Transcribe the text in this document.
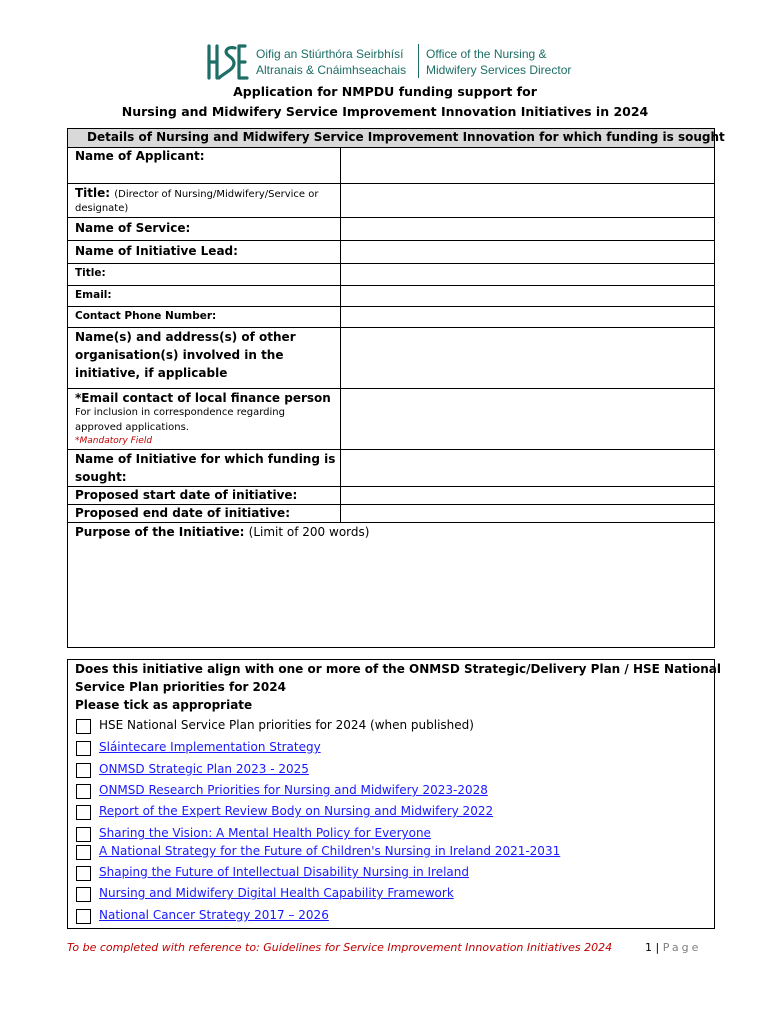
Oifig an Stiúrthóra Seirbhísí
Altranais & Cnáimhseachais
Office of the Nursing &
Midwifery Services Director
Application for NMPDU funding support for
Nursing and Midwifery Service Improvement Innovation Initiatives in 2024
Details of Nursing and Midwifery Service Improvement Innovation for which funding is sought
Name of Applicant:
Title: (Director of Nursing/Midwifery/Service or
designate)
Name of Service:
Name of Initiative Lead:
Title:
Email:
Contact Phone Number:
Name(s) and address(s) of other
organisation(s) involved in the
initiative, if applicable
*Email contact of local finance person
For inclusion in correspondence regarding
approved applications.
*Mandatory Field
Name of Initiative for which funding is
sought:
Proposed start date of initiative:
Proposed end date of initiative:
Purpose of the Initiative: (Limit of 200 words)
Does this initiative align with one or more of the ONMSD Strategic/Delivery Plan / HSE National
Service Plan priorities for 2024
Please tick as appropriate
HSE National Service Plan priorities for 2024 (when published)
Sláintecare Implementation Strategy
ONMSD Strategic Plan 2023 - 2025
ONMSD Research Priorities for Nursing and Midwifery 2023-2028
Report of the Expert Review Body on Nursing and Midwifery 2022
Sharing the Vision: A Mental Health Policy for Everyone
A National Strategy for the Future of Children's Nursing in Ireland 2021-2031
Shaping the Future of Intellectual Disability Nursing in Ireland
Nursing and Midwifery Digital Health Capability Framework
National Cancer Strategy 2017 – 2026
To be completed with reference to: Guidelines for Service Improvement Innovation Initiatives 2024	1 | Page
